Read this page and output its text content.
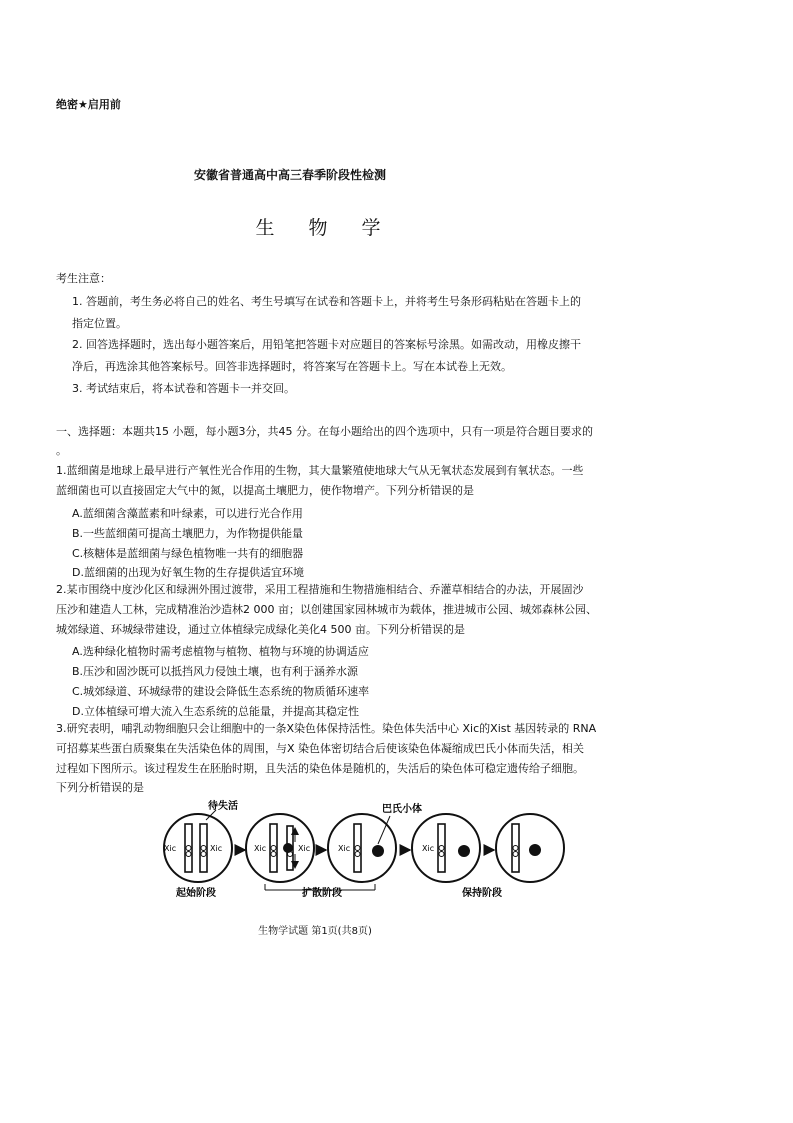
绝密★启用前
安徽省普通高中高三春季阶段性检测
生 物 学
考生注意：
1. 答题前，考生务必将自己的姓名、考生号填写在试卷和答题卡上，并将考生号条形码粘贴在答题卡上的
指定位置。
2. 回答选择题时，选出每小题答案后，用铅笔把答题卡对应题目的答案标号涂黑。如需改动，用橡皮擦干
净后，再选涂其他答案标号。回答非选择题时，将答案写在答题卡上。写在本试卷上无效。
3. 考试结束后，将本试卷和答题卡一并交回。
一、选择题：本题共15 小题，每小题3分，共45 分。在每小题给出的四个选项中，只有一项是符合题目要求的
。
1.蓝细菌是地球上最早进行产氧性光合作用的生物，其大量繁殖使地球大气从无氧状态发展到有氧状态。一些
蓝细菌也可以直接固定大气中的氮，以提高土壤肥力，使作物增产。下列分析错误的是
A.蓝细菌含藻蓝素和叶绿素，可以进行光合作用
B.一些蓝细菌可提高土壤肥力，为作物提供能量
C.核糖体是蓝细菌与绿色植物唯一共有的细胞器
D.蓝细菌的出现为好氧生物的生存提供适宜环境
2.某市围绕中度沙化区和绿洲外围过渡带，采用工程措施和生物措施相结合、乔灌草相结合的办法，开展固沙
压沙和建造人工林，完成精准治沙造林2 000 亩；以创建国家园林城市为载体，推进城市公园、城郊森林公园、
城郊绿道、环城绿带建设，通过立体植绿完成绿化美化4 500 亩。下列分析错误的是
A.选种绿化植物时需考虑植物与植物、植物与环境的协调适应
B.压沙和固沙既可以抵挡风力侵蚀土壤，也有利于涵养水源
C.城郊绿道、环城绿带的建设会降低生态系统的物质循环速率
D.立体植绿可增大流入生态系统的总能量，并提高其稳定性
3.研究表明，哺乳动物细胞只会让细胞中的一条X染色体保持活性。染色体失活中心 Xic的Xist 基因转录的 RNA
可招募某些蛋白质聚集在失活染色体的周围，与X 染色体密切结合后使该染色体凝缩成巴氏小体而失活，相关
过程如下图所示。该过程发生在胚胎时期，且失活的染色体是随机的，失活后的染色体可稳定遗传给子细胞。
下列分析错误的是
Xic	Xic
待失活
Xic	Xic	Xic
巴氏小体
Xic
起始阶段	扩散阶段	保持阶段
生物学试题 第1页(共8页)
